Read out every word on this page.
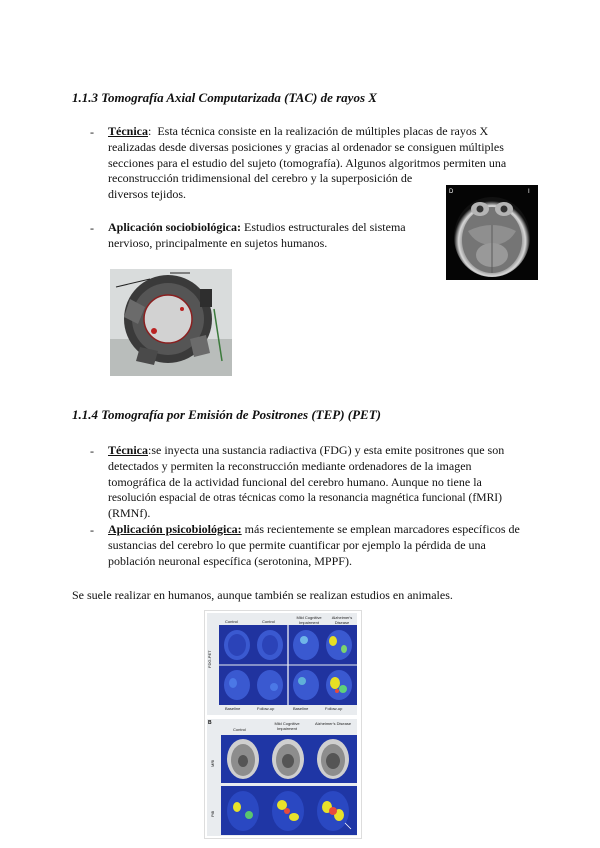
1.1.3 Tomografía Axial Computarizada (TAC) de rayos X
-	Técnica: Esta técnica consiste en la realización de múltiples placas de rayos X
realizadas desde diversas posiciones y gracias al ordenador se consiguen múltiples
secciones para el estudio del sujeto (tomografía). Algunos algoritmos permiten una
reconstrucción tridimensional del cerebro y la superposición de
diversos tejidos.
-	Aplicación sociobiológica: Estudios estructurales del sistema
nervioso, principalmente en sujetos humanos.
D	I
1.1.4 Tomografía por Emisión de Positrones (TEP) (PET)
-	Técnica:se inyecta una sustancia radiactiva (FDG) y esta emite positrones que son
detectados y permiten la reconstrucción mediante ordenadores de la imagen
tomográfica de la actividad funcional del cerebro humano. Aunque no tiene la
resolución espacial de otras técnicas como la resonancia magnética funcional (fMRI)
(RMNf).
-	Aplicación psicobiológica: más recientemente se emplean marcadores específicos de
sustancias del cerebro lo que permite cuantificar por ejemplo la pérdida de una
población neuronal específica (serotonina, MPPF).
Se suele realizar en humanos, aunque también se realizan estudios en animales.
Control	Control
Mild Cognitive Impairment
Alzheimer's Disease
FDG-PET
Baseline	Follow-up	Baseline	Follow-up
B
Control
Mild Cognitive Impairment
Alzheimer's Disease
MRI
PiB
